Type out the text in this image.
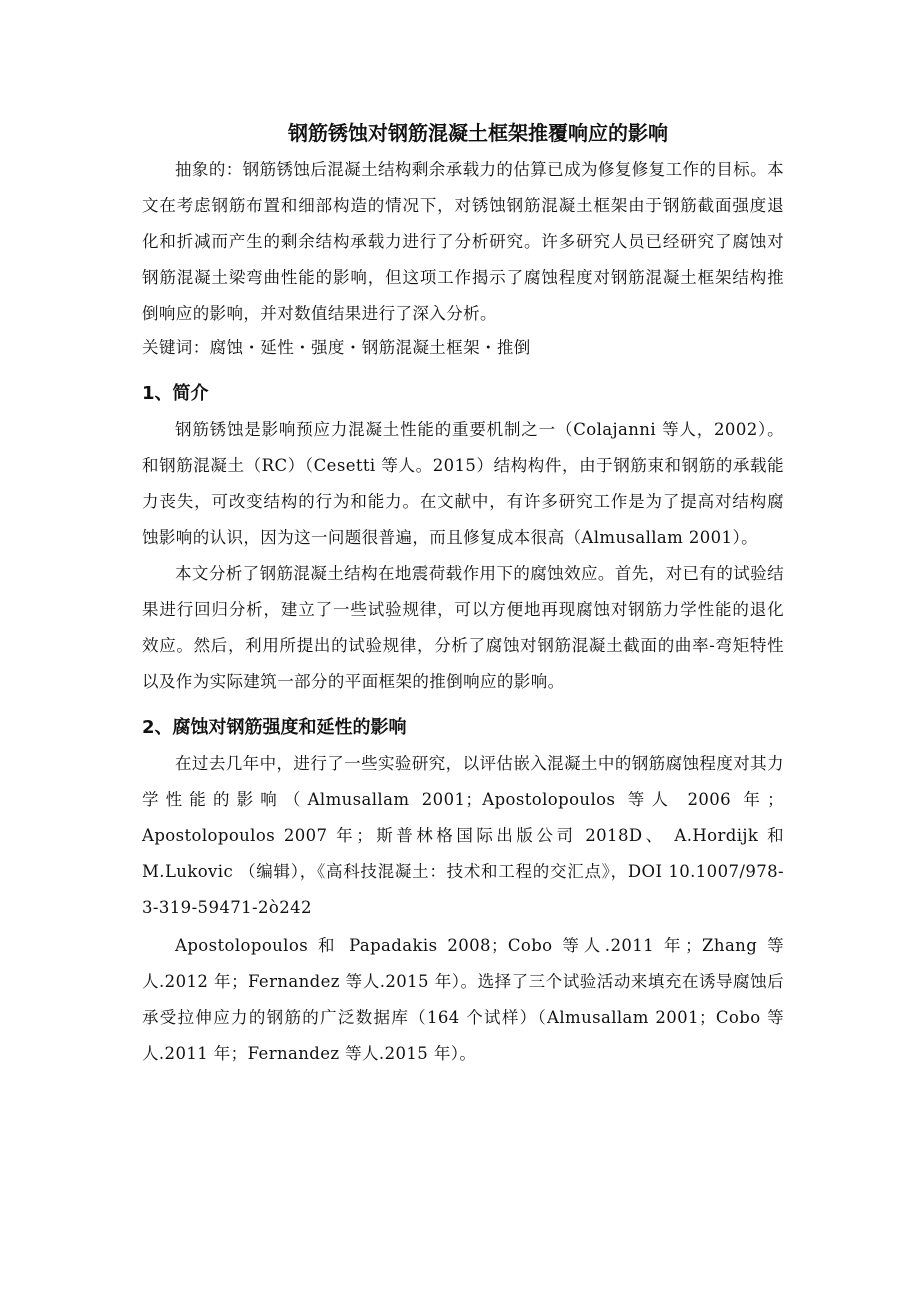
钢筋锈蚀对钢筋混凝土框架推覆响应的影响

抽象的：钢筋锈蚀后混凝土结构剩余承载力的估算已成为修复修复工作的目标。本文在考虑钢筋布置和细部构造的情况下，对锈蚀钢筋混凝土框架由于钢筋截面强度退化和折减而产生的剩余结构承载力进行了分析研究。许多研究人员已经研究了腐蚀对钢筋混凝土梁弯曲性能的影响，但这项工作揭示了腐蚀程度对钢筋混凝土框架结构推倒响应的影响，并对数值结果进行了深入分析。

关键词：腐蚀・延性・强度・钢筋混凝土框架・推倒

1、简介

钢筋锈蚀是影响预应力混凝土性能的重要机制之一（Colajanni 等人，2002）。和钢筋混凝土（RC）（Cesetti 等人。2015）结构构件，由于钢筋束和钢筋的承载能力丧失，可改变结构的行为和能力。在文献中，有许多研究工作是为了提高对结构腐蚀影响的认识，因为这一问题很普遍，而且修复成本很高（Almusallam 2001）。

本文分析了钢筋混凝土结构在地震荷载作用下的腐蚀效应。首先，对已有的试验结果进行回归分析，建立了一些试验规律，可以方便地再现腐蚀对钢筋力学性能的退化效应。然后，利用所提出的试验规律，分析了腐蚀对钢筋混凝土截面的曲率-弯矩特性以及作为实际建筑一部分的平面框架的推倒响应的影响。

2、腐蚀对钢筋强度和延性的影响

在过去几年中，进行了一些实验研究，以评估嵌入混凝土中的钢筋腐蚀程度对其力学性能的影响（Almusallam 2001；Apostolopoulos 等人 2006 年；Apostolopoulos 2007 年；斯普林格国际出版公司 2018D、 A.Hordijk 和 M.Lukovic （编辑），《高科技混凝土：技术和工程的交汇点》，DOI 10.1007/978-3-319-59471-2ò242

Apostolopoulos 和 Papadakis 2008；Cobo 等人.2011 年；Zhang 等人.2012 年；Fernandez 等人.2015 年）。选择了三个试验活动来填充在诱导腐蚀后承受拉伸应力的钢筋的广泛数据库（164 个试样）（Almusallam 2001；Cobo 等人.2011 年；Fernandez 等人.2015 年）。
